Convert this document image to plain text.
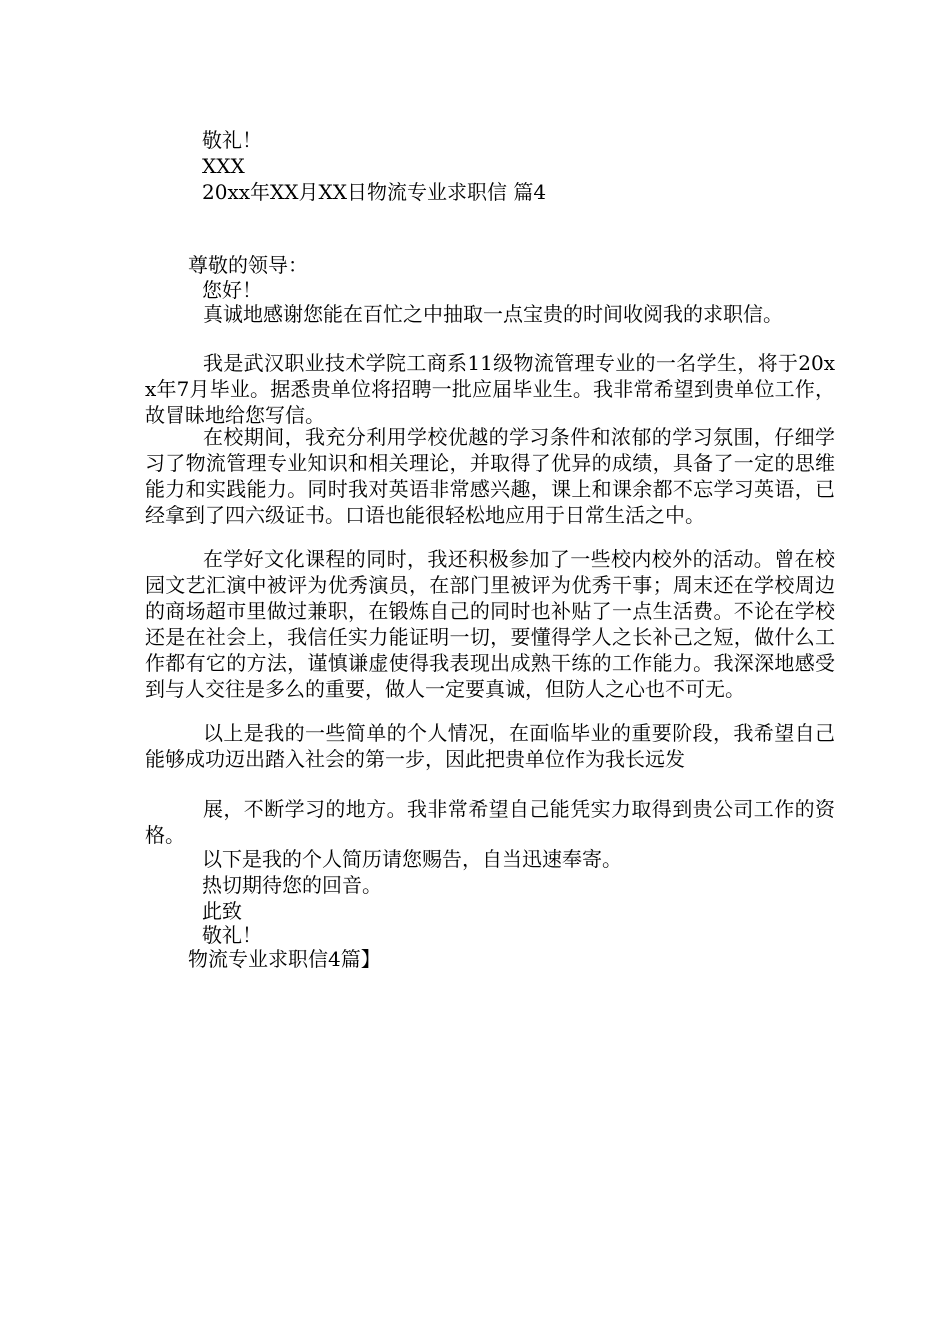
敬礼！
XXX
20xx年XX月XX日物流专业求职信 篇4
尊敬的领导：
您好！
真诚地感谢您能在百忙之中抽取一点宝贵的时间收阅我的求职信。
我是武汉职业技术学院工商系11级物流管理专业的一名学生，将于20xx年7月毕业。据悉贵单位将招聘一批应届毕业生。我非常希望到贵单位工作，故冒昧地给您写信。
在校期间，我充分利用学校优越的学习条件和浓郁的学习氛围，仔细学习了物流管理专业知识和相关理论，并取得了优异的成绩，具备了一定的思维能力和实践能力。同时我对英语非常感兴趣，课上和课余都不忘学习英语，已经拿到了四六级证书。口语也能很轻松地应用于日常生活之中。
在学好文化课程的同时，我还积极参加了一些校内校外的活动。曾在校园文艺汇演中被评为优秀演员，在部门里被评为优秀干事；周末还在学校周边的商场超市里做过兼职，在锻炼自己的同时也补贴了一点生活费。不论在学校还是在社会上，我信任实力能证明一切，要懂得学人之长补己之短，做什么工作都有它的方法，谨慎谦虚使得我表现出成熟干练的工作能力。我深深地感受到与人交往是多么的重要，做人一定要真诚，但防人之心也不可无。
以上是我的一些简单的个人情况，在面临毕业的重要阶段，我希望自己能够成功迈出踏入社会的第一步，因此把贵单位作为我长远发
展，不断学习的地方。我非常希望自己能凭实力取得到贵公司工作的资格。
以下是我的个人简历请您赐告，自当迅速奉寄。
热切期待您的回音。
此致
敬礼！
物流专业求职信4篇】
